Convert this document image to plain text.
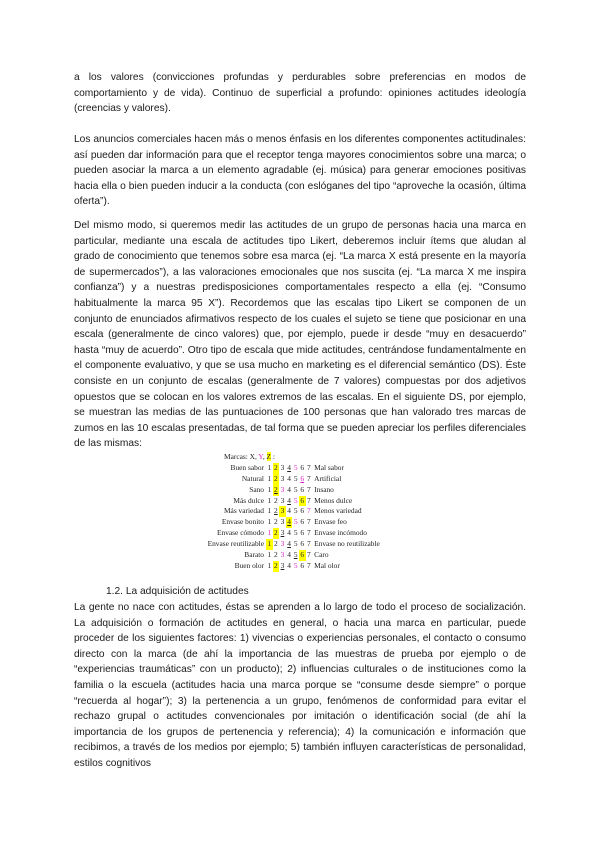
a los valores (convicciones profundas y perdurables sobre preferencias en modos de comportamiento y de vida). Continuo de superficial a profundo: opiniones actitudes ideología (creencias y valores).

Los anuncios comerciales hacen más o menos énfasis en los diferentes componentes actitudinales: así pueden dar información para que el receptor tenga mayores conocimientos sobre una marca; o pueden asociar la marca a un elemento agradable (ej. música) para generar emociones positivas hacia ella o bien pueden inducir a la conducta (con eslóganes del tipo “aproveche la ocasión, última oferta”).

Del mismo modo, si queremos medir las actitudes de un grupo de personas hacia una marca en particular, mediante una escala de actitudes tipo Likert, deberemos incluir ítems que aludan al grado de conocimiento que tenemos sobre esa marca (ej. “La marca X está presente en la mayoría de supermercados”), a las valoraciones emocionales que nos suscita (ej. “La marca X me inspira confianza”) y a nuestras predisposiciones comportamentales respecto a ella (ej. “Consumo habitualmente la marca 95 X”). Recordemos que las escalas tipo Likert se componen de un conjunto de enunciados afirmativos respecto de los cuales el sujeto se tiene que posicionar en una escala (generalmente de cinco valores) que, por ejemplo, puede ir desde “muy en desacuerdo” hasta “muy de acuerdo”. Otro tipo de escala que mide actitudes, centrándose fundamentalmente en el componente evaluativo, y que se usa mucho en marketing es el diferencial semántico (DS). Éste consiste en un conjunto de escalas (generalmente de 7 valores) compuestas por dos adjetivos opuestos que se colocan en los valores extremos de las escalas. En el siguiente DS, por ejemplo, se muestran las medias de las puntuaciones de 100 personas que han valorado tres marcas de zumos en las 10 escalas presentadas, de tal forma que se pueden apreciar los perfiles diferenciales de las mismas:

Marcas: X, Y, Z :
Buen sabor 1 2 3 4 5 6 7 Mal sabor
Natural 1 2 3 4 5 6 7 Artificial
Sano 1 2 3 4 5 6 7 Insano
Más dulce 1 2 3 4 5 6 7 Menos dulce
Más variedad 1 2 3 4 5 6 7 Menos variedad
Envase bonito 1 2 3 4 5 6 7 Envase feo
Envase cómodo 1 2 3 4 5 6 7 Envase incómodo
Envase reutilizable 1 2 3 4 5 6 7 Envase no reutilizable
Barato 1 2 3 4 5 6 7 Caro
Buen olor 1 2 3 4 5 6 7 Mal olor

1.2. La adquisición de actitudes

La gente no nace con actitudes, éstas se aprenden a lo largo de todo el proceso de socialización. La adquisición o formación de actitudes en general, o hacia una marca en particular, puede proceder de los siguientes factores: 1) vivencias o experiencias personales, el contacto o consumo directo con la marca (de ahí la importancia de las muestras de prueba por ejemplo o de “experiencias traumáticas” con un producto); 2) influencias culturales o de instituciones como la familia o la escuela (actitudes hacia una marca porque se “consume desde siempre” o porque “recuerda al hogar”); 3) la pertenencia a un grupo, fenómenos de conformidad para evitar el rechazo grupal o actitudes convencionales por imitación o identificación social (de ahí la importancia de los grupos de pertenencia y referencia); 4) la comunicación e información que recibimos, a través de los medios por ejemplo; 5) también influyen características de personalidad, estilos cognitivos
